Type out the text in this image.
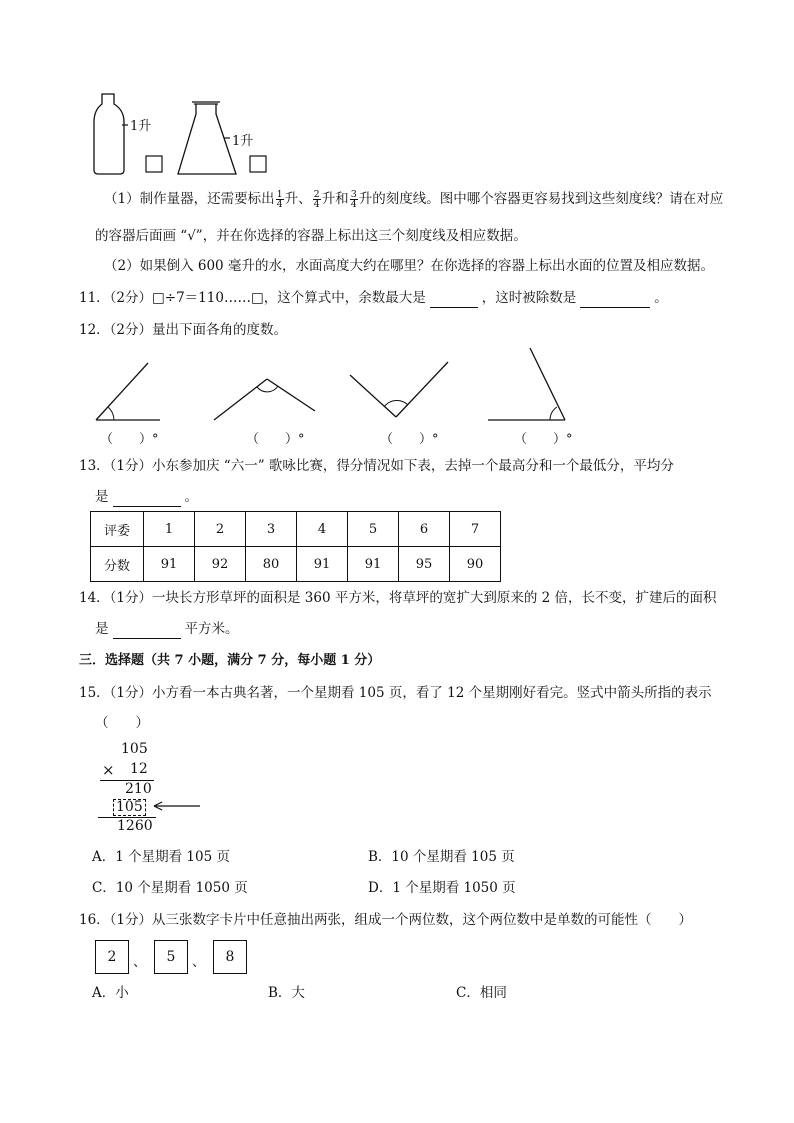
1升
1升
（1）制作量器，还需要标出 $\frac{1}{4}$ 升、 $\frac{2}{4}$ 升和 $\frac{3}{4}$ 升的刻度线。图中哪个容器更容易找到这些刻度线？请在对应
的容器后面画 “√”，并在你选择的容器上标出这三个刻度线及相应数据。
（2）如果倒入 600 毫升的水，水面高度大约在哪里？在你选择的容器上标出水面的位置及相应数据。
11．（2分）□÷7＝110……□，这个算式中，余数最大是	，这时被除数是	。
12．（2分）量出下面各角的度数。
（　　）°	（　　）°	（　　）°	（　　）°
13．（1分）小东参加庆 “六一” 歌咏比赛，得分情况如下表，去掉一个最高分和一个最低分，平均分
是	。
评委	1	2	3	4	5	6	7
分数	91	92	80	91	91	95	90
14．（1分）一块长方形草坪的面积是 360 平方米，将草坪的宽扩大到原来的 2 倍，长不变，扩建后的面积
是	平方米。
三．选择题（共 7 小题，满分 7 分，每小题 1 分）
15．（1分）小方看一本古典名著，一个星期看 105 页，看了 12 个星期刚好看完。竖式中箭头所指的表示
（　　）
105
× 12
210
105
1260
A．1 个星期看 105 页	B．10 个星期看 105 页
C．10 个星期看 1050 页	D．1 个星期看 1050 页
16．（1分）从三张数字卡片中任意抽出两张，组成一个两位数，这个两位数中是单数的可能性（　　）
2	、	5	、	8
A．小	B．大	C．相同
